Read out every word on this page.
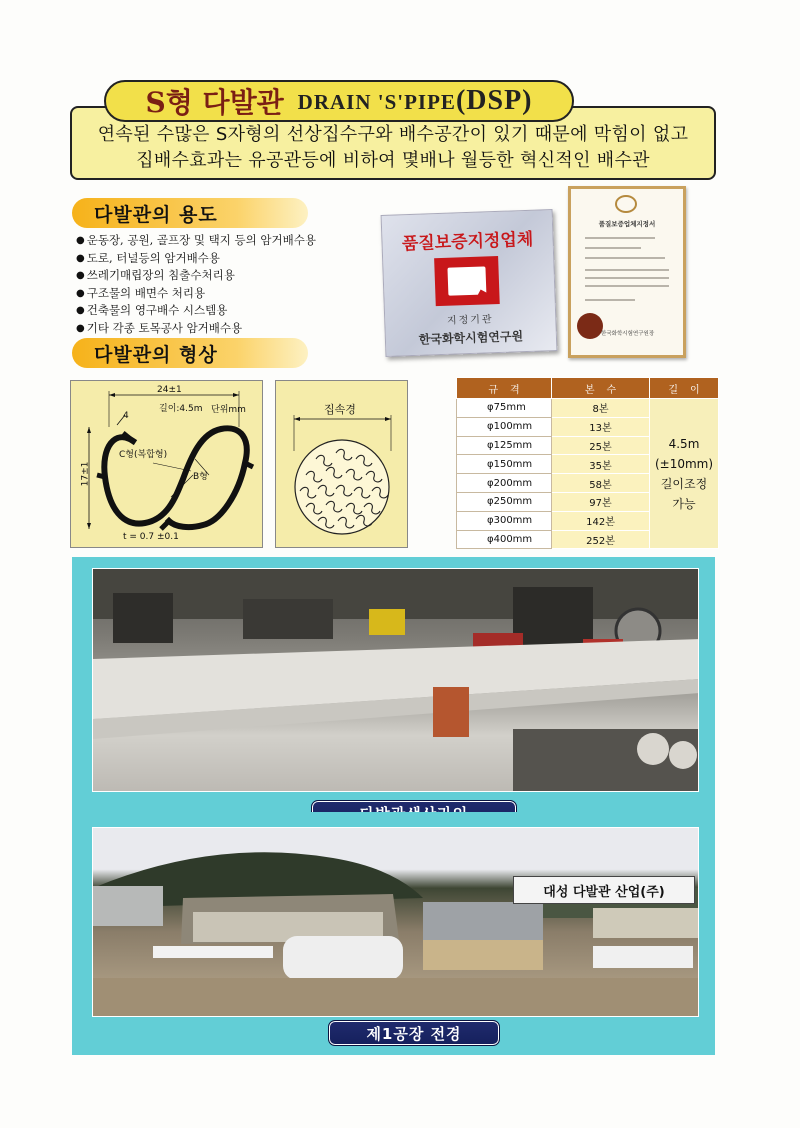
S형 다발관 DRAIN 'S'PIPE(DSP)
연속된 수많은 S자형의 선상집수구와 배수공간이 있기 때문에 막힘이 없고
집배수효과는 유공관등에 비하여 몇배나 월등한 혁신적인 배수관
다발관의 용도
● 운동장, 공원, 골프장 및 택지 등의 암거배수용
● 도로, 터널등의 암거배수용
● 쓰레기매립장의 침출수처리용
● 구조물의 배면수 처리용
● 건축물의 영구배수 시스템용
● 기타 각종 토목공사 암거배수용
품질보증지정업체
지정기관
한국화학시험연구원
품질보증업체지정서
한국화학시험연구원장
다발관의 형상
24±1
길이:4.5m 단위mm
4
17±1
C형(복합형)
B형
t = 0.7 ±0.1
집속경
규격	본수	길이
φ75mm	8본	4.5m
(±10mm)
길이조정
가능

φ100mm	13본	
φ125mm	25본	
φ150mm	35본	
φ200mm	58본	
φ250mm	97본	
φ300mm	142본	
φ400mm	252본	
대성 다발관 산업(주)
제1공장 전경
